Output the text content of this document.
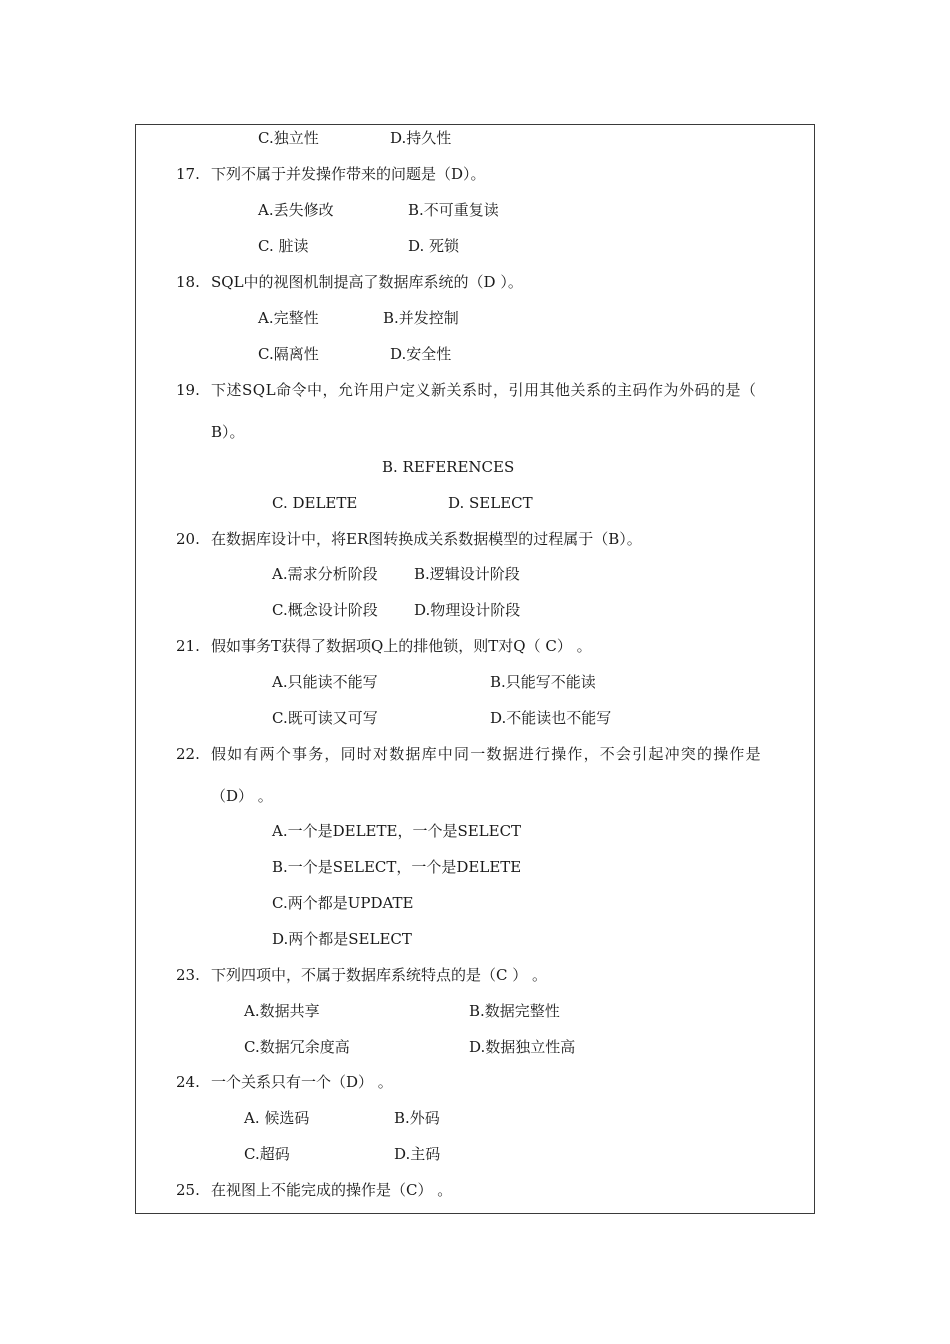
C.独立性	D.持久性
17. 下列不属于并发操作带来的问题是（D）。
A.丢失修改	B.不可重复读
C. 脏读	D. 死锁
18. SQL中的视图机制提高了数据库系统的（D ）。
A.完整性	B.并发控制
C.隔离性	D.安全性
19. 下述SQL命令中，允许用户定义新关系时，引用其他关系的主码作为外码的是（
B）。
B. REFERENCES
C. DELETE	D. SELECT
20. 在数据库设计中，将ER图转换成关系数据模型的过程属于（B）。
A.需求分析阶段 B.逻辑设计阶段
C.概念设计阶段 D.物理设计阶段
21. 假如事务T获得了数据项Q上的排他锁，则T对Q（ C） 。
A.只能读不能写	B.只能写不能读
C.既可读又可写	D.不能读也不能写
22. 假如有两个事务，同时对数据库中同一数据进行操作，不会引起冲突的操作是
（D） 。
A.一个是DELETE，一个是SELECT
B.一个是SELECT，一个是DELETE
C.两个都是UPDATE
D.两个都是SELECT
23. 下列四项中，不属于数据库系统特点的是（C ） 。
A.数据共享	B.数据完整性
C.数据冗余度高	D.数据独立性高
24. 一个关系只有一个（D） 。
A. 候选码	B.外码
C.超码	D.主码
25. 在视图上不能完成的操作是（C） 。
